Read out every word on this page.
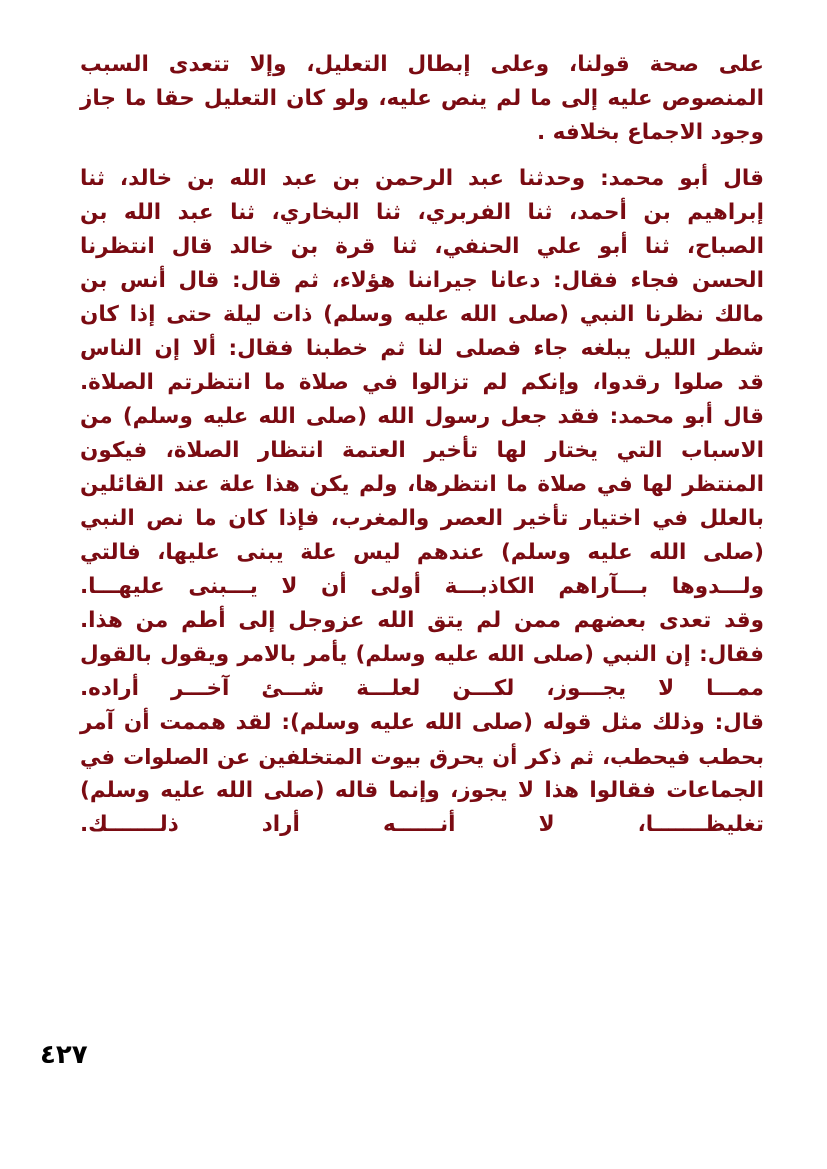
على صحة قولنا، وعلى إبطال التعليل، وإلا تتعدى السبب
المنصوص عليه إلى ما لم ينص عليه، ولو كان التعليل حقا ما جاز
وجود الاجماع بخلافه .

قال أبو محمد: وحدثنا عبد الرحمن بن عبد الله بن خالد، ثنا
إبراهيم بن أحمد، ثنا الفربري، ثنا البخاري، ثنا عبد الله بن
الصباح، ثنا أبو علي الحنفي، ثنا قرة بن خالد قال انتظرنا
الحسن فجاء فقال: دعانا جيراننا هؤلاء، ثم قال: قال أنس بن
مالك نظرنا النبي (صلى الله عليه وسلم) ذات ليلة حتى إذا كان
شطر الليل يبلغه جاء فصلى لنا ثم خطبنا فقال: ألا إن الناس
قد صلوا رقدوا، وإنكم لم تزالوا في صلاة ما انتظرتم الصلاة.

قال أبو محمد: فقد جعل رسول الله (صلى الله عليه وسلم) من
الاسباب التي يختار لها تأخير العتمة انتظار الصلاة، فيكون
المنتظر لها في صلاة ما انتظرها، ولم يكن هذا علة عند القائلين
بالعلل في اختيار تأخير العصر والمغرب، فإذا كان ما نص النبي
(صلى الله عليه وسلم) عندهم ليس علة يبنى عليها، فالتي
ولـــدوها بـــآراهم الكاذبـــة أولى أن لا يـــبنى عليهـــا.

وقد تعدى بعضهم ممن لم يتق الله عزوجل إلى أطم من هذا.

فقال: إن النبي (صلى الله عليه وسلم) يأمر بالامر ويقول بالقول
ممـــا لا يجـــوز، لكـــن لعلـــة شـــئ آخـــر أراده.

قال: وذلك مثل قوله (صلى الله عليه وسلم): لقد هممت أن آمر
بحطب فيحطب، ثم ذكر أن يحرق بيوت المتخلفين عن الصلوات في
الجماعات فقالوا هذا لا يجوز، وإنما قاله (صلى الله عليه وسلم)
تغليظـــــــا، لا أنــــــه أراد ذلـــــــك.

٤٢٧
